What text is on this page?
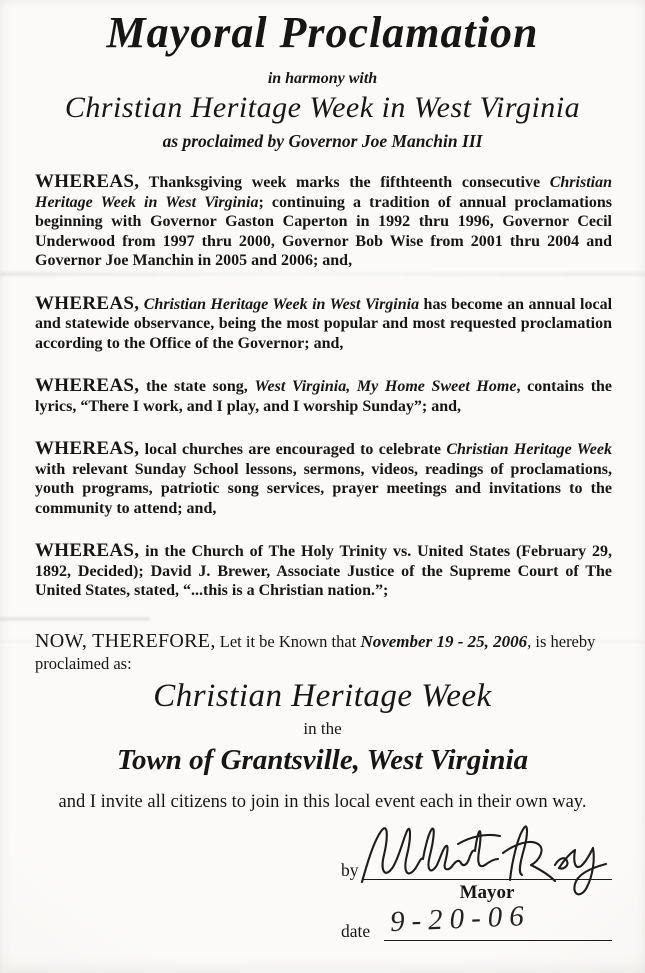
Mayoral Proclamation
in harmony with
Christian Heritage Week in West Virginia
as proclaimed by Governor Joe Manchin III

WHEREAS, Thanksgiving week marks the fifthteenth consecutive Christian Heritage Week in West Virginia; continuing a tradition of annual proclamations beginning with Governor Gaston Caperton in 1992 thru 1996, Governor Cecil Underwood from 1997 thru 2000, Governor Bob Wise from 2001 thru 2004 and Governor Joe Manchin in 2005 and 2006; and,

WHEREAS, Christian Heritage Week in West Virginia has become an annual local and statewide observance, being the most popular and most requested proclamation according to the Office of the Governor; and,

WHEREAS, the state song, West Virginia, My Home Sweet Home, contains the lyrics, “There I work, and I play, and I worship Sunday”; and,

WHEREAS, local churches are encouraged to celebrate Christian Heritage Week with relevant Sunday School lessons, sermons, videos, readings of proclamations, youth programs, patriotic song services, prayer meetings and invitations to the community to attend; and,

WHEREAS, in the Church of The Holy Trinity vs. United States (February 29, 1892, Decided); David J. Brewer, Associate Justice of the Supreme Court of The United States, stated, “...this is a Christian nation.”;

NOW, THEREFORE, Let it be Known that November 19 - 25, 2006, is hereby proclaimed as:

Christian Heritage Week
in the
Town of Grantsville, West Virginia
and I invite all citizens to join in this local event each in their own way.
by
Mayor
date 9-20-06
